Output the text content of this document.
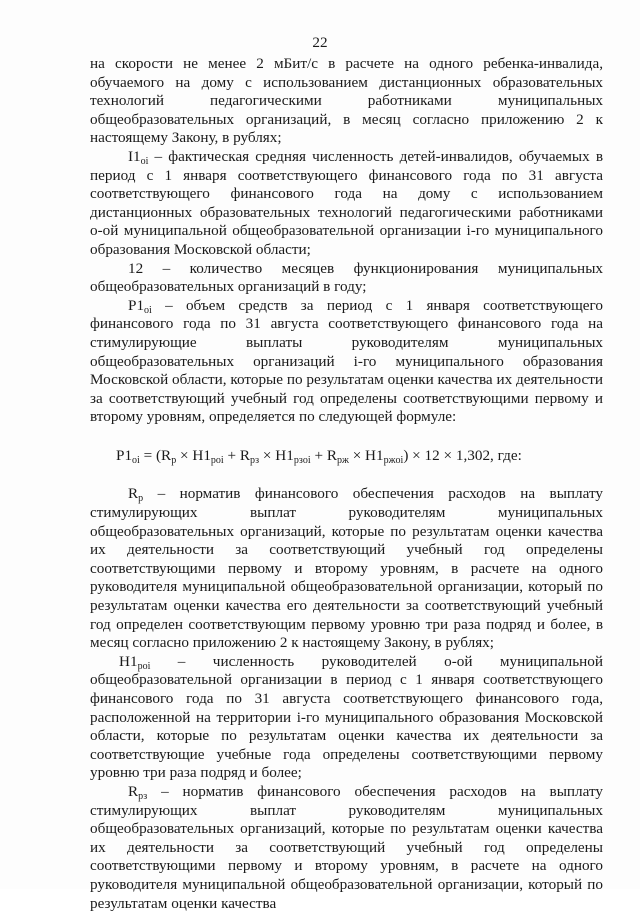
22

на скорости не менее 2 мБит/с в расчете на одного ребенка-инвалида, обучаемого на дому с использованием дистанционных образовательных технологий педагогическими работниками муниципальных общеобразовательных организаций, в месяц согласно приложению 2 к настоящему Закону, в рублях;

$I1_{oi}$ – фактическая средняя численность детей-инвалидов, обучаемых в период с 1 января соответствующего финансового года по 31 августа соответствующего финансового года на дому с использованием дистанционных образовательных технологий педагогическими работниками o-ой муниципальной общеобразовательной организации i-го муниципального образования Московской области;

12 – количество месяцев функционирования муниципальных общеобразовательных организаций в году;

$P1_{oi}$ – объем средств за период с 1 января соответствующего финансового года по 31 августа соответствующего финансового года на стимулирующие выплаты руководителям муниципальных общеобразовательных организаций i-го муниципального образования Московской области, которые по результатам оценки качества их деятельности за соответствующий учебный год определены соответствующими первому и второму уровням, определяется по следующей формуле:

$P1_{oi} = (R_p \times H1_{poi} + R_{рз} \times H1_{рзoi} + R_{рж} \times H1_{ржoi}) \times 12 \times 1,302$, где:

$R_р$ – норматив финансового обеспечения расходов на выплату стимулирующих выплат руководителям муниципальных общеобразовательных организаций, которые по результатам оценки качества их деятельности за соответствующий учебный год определены соответствующими первому и второму уровням, в расчете на одного руководителя муниципальной общеобразовательной организации, который по результатам оценки качества его деятельности за соответствующий учебный год определен соответствующим первому уровню три раза подряд и более, в месяц согласно приложению 2 к настоящему Закону, в рублях;

$H1_{poi}$ – численность руководителей o-ой муниципальной общеобразовательной организации в период с 1 января соответствующего финансового года по 31 августа соответствующего финансового года, расположенной на территории i-го муниципального образования Московской области, которые по результатам оценки качества их деятельности за соответствующие учебные года определены соответствующими первому уровню три раза подряд и более;

$R_{рз}$ – норматив финансового обеспечения расходов на выплату стимулирующих выплат руководителям муниципальных общеобразовательных организаций, которые по результатам оценки качества их деятельности за соответствующий учебный год определены соответствующими первому и второму уровням, в расчете на одного руководителя муниципальной общеобразовательной организации, который по результатам оценки качества
